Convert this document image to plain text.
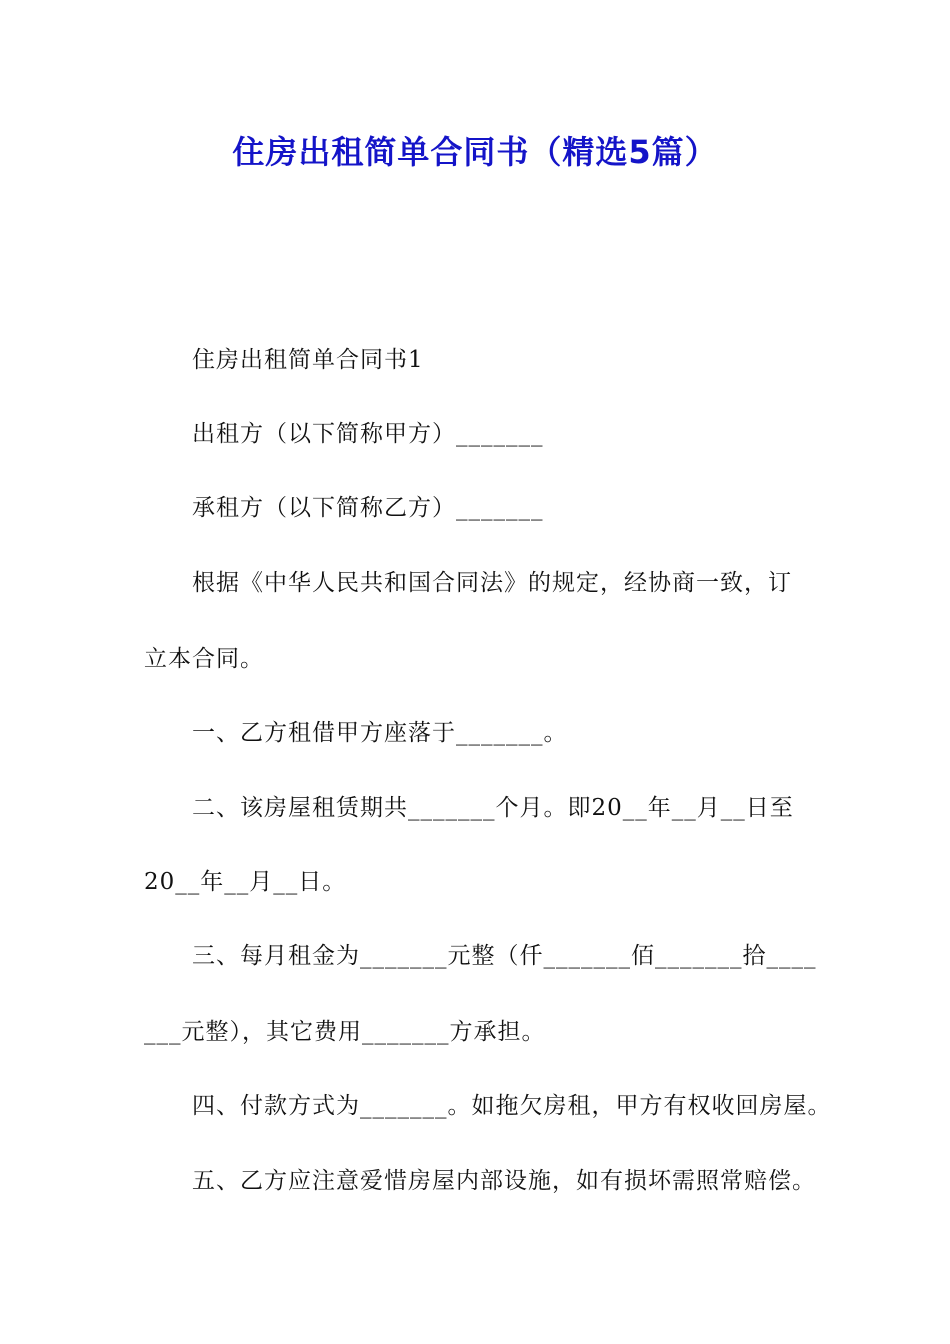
住房出租简单合同书（精选5篇）

住房出租简单合同书1

出租方（以下简称甲方）_______

承租方（以下简称乙方）_______

根据《中华人民共和国合同法》的规定，经协商一致，订

立本合同。

一、乙方租借甲方座落于_______。

二、该房屋租赁期共_______个月。即20__年__月__日至

20__年__月__日。

三、每月租金为_______元整（仟_______佰_______拾____

___元整），其它费用_______方承担。

四、付款方式为_______。如拖欠房租，甲方有权收回房屋。

五、乙方应注意爱惜房屋内部设施，如有损坏需照常赔偿。
